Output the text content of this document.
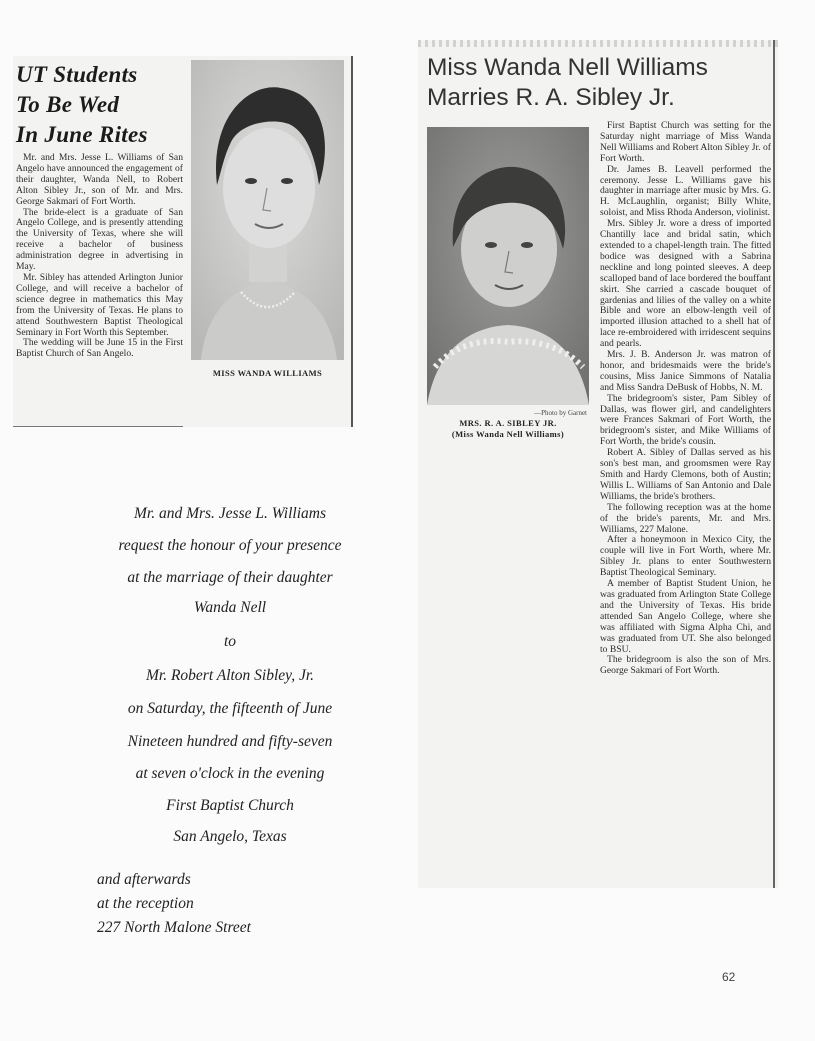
UT Students
To Be Wed
In June Rites

Mr. and Mrs. Jesse L. Williams of San Angelo have announced the engagement of their daughter, Wanda Nell, to Robert Alton Sibley Jr., son of Mr. and Mrs. George Sakmari of Fort Worth.

The bride-elect is a graduate of San Angelo College, and is presently attending the University of Texas, where she will receive a bachelor of business administration degree in advertising in May.

Mr. Sibley has attended Arlington Junior College, and will receive a bachelor of science degree in mathematics this May from the University of Texas. He plans to attend Southwestern Baptist Theological Seminary in Fort Worth this September.

The wedding will be June 15 in the First Baptist Church of San Angelo.

MISS WANDA WILLIAMS
Miss Wanda Nell Williams
Marries R. A. Sibley Jr.
—Photo by Garnet
MRS. R. A. SIBLEY JR.
(Miss Wanda Nell Williams)

First Baptist Church was setting for the Saturday night marriage of Miss Wanda Nell Williams and Robert Alton Sibley Jr. of Fort Worth.

Dr. James B. Leavell performed the ceremony. Jesse L. Williams gave his daughter in marriage after music by Mrs. G. H. McLaughlin, organist; Billy White, soloist, and Miss Rhoda Anderson, violinist.

Mrs. Sibley Jr. wore a dress of imported Chantilly lace and bridal satin, which extended to a chapel-length train. The fitted bodice was designed with a Sabrina neckline and long pointed sleeves. A deep scalloped band of lace bordered the bouffant skirt. She carried a cascade bouquet of gardenias and lilies of the valley on a white Bible and wore an elbow-length veil of imported illusion attached to a shell hat of lace re-embroidered with irridescent sequins and pearls.

Mrs. J. B. Anderson Jr. was matron of honor, and bridesmaids were the bride's cousins, Miss Janice Simmons of Natalia and Miss Sandra DeBusk of Hobbs, N. M.

The bridegroom's sister, Pam Sibley of Dallas, was flower girl, and candelighters were Frances Sakmari of Fort Worth, the bridegroom's sister, and Mike Williams of Fort Worth, the bride's cousin.

Robert A. Sibley of Dallas served as his son's best man, and groomsmen were Ray Smith and Hardy Clemons, both of Austin; Willis L. Williams of San Antonio and Dale Williams, the bride's brothers.

The following reception was at the home of the bride's parents, Mr. and Mrs. Williams, 227 Malone.

After a honeymoon in Mexico City, the couple will live in Fort Worth, where Mr. Sibley Jr. plans to enter Southwestern Baptist Theological Seminary.

A member of Baptist Student Union, he was graduated from Arlington State College and the University of Texas. His bride attended San Angelo College, where she was affiliated with Sigma Alpha Chi, and was graduated from UT. She also belonged to BSU.

The bridegroom is also the son of Mrs. George Sakmari of Fort Worth.

Mr. and Mrs. Jesse L. Williams
request the honour of your presence
at the marriage of their daughter
Wanda Nell
to
Mr. Robert Alton Sibley, Jr.
on Saturday, the fifteenth of June
Nineteen hundred and fifty-seven
at seven o'clock in the evening
First Baptist Church
San Angelo, Texas
and afterwards
at the reception
227 North Malone Street
62
